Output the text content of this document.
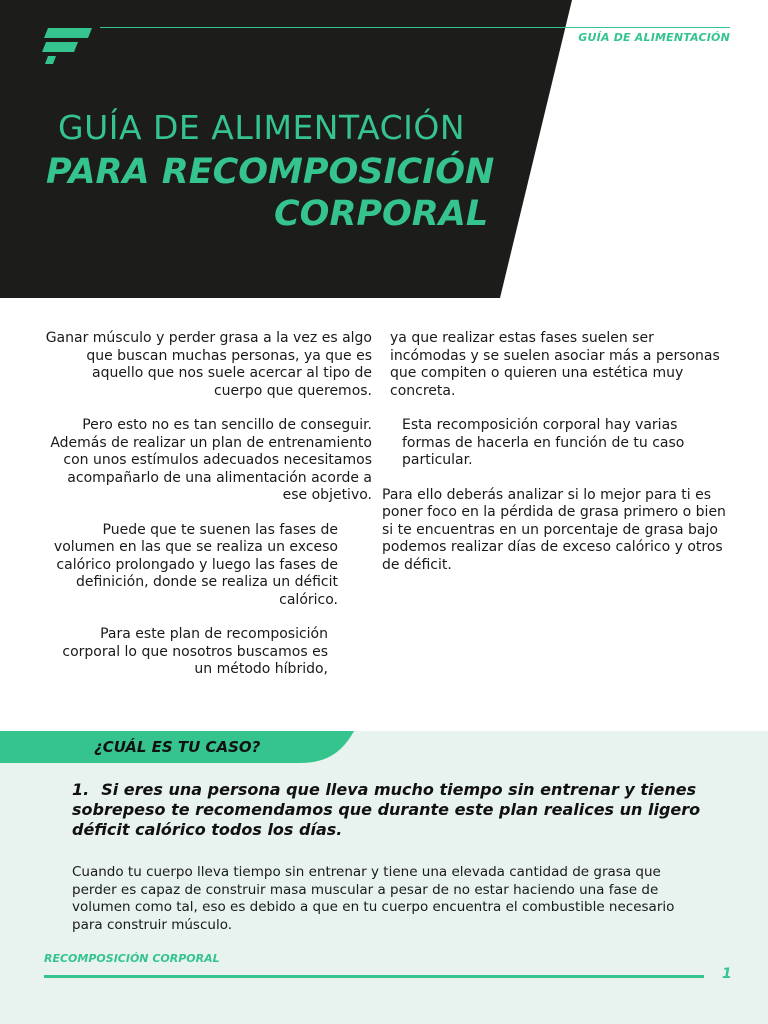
GUÍA DE ALIMENTACIÓN
GUÍA DE ALIMENTACIÓN
PARA RECOMPOSICIÓN
CORPORAL

Ganar músculo y perder grasa a la vez es algo que buscan muchas personas, ya que es aquello que nos suele acercar al tipo de cuerpo que queremos.

Pero esto no es tan sencillo de conseguir. Además de realizar un plan de entrenamiento con unos estímulos adecuados necesitamos acompañarlo de una alimentación acorde a ese objetivo.

Puede que te suenen las fases de volumen en las que se realiza un exceso calórico prolongado y luego las fases de definición, donde se realiza un déficit calórico.

Para este plan de recomposición corporal lo que nosotros buscamos es un método híbrido,

ya que realizar estas fases suelen ser incómodas y se suelen asociar más a personas que compiten o quieren una estética muy concreta.

Esta recomposición corporal hay varias formas de hacerla en función de tu caso particular.

Para ello deberás analizar si lo mejor para ti es poner foco en la pérdida de grasa primero o bien si te encuentras en un porcentaje de grasa bajo podemos realizar días de exceso calórico y otros de déficit.

¿CUÁL ES TU CASO?
1. Si eres una persona que lleva mucho tiempo sin entrenar y tienes sobrepeso te recomendamos que durante este plan realices un ligero déficit calórico todos los días.
Cuando tu cuerpo lleva tiempo sin entrenar y tiene una elevada cantidad de grasa que perder es capaz de construir masa muscular a pesar de no estar haciendo una fase de volumen como tal, eso es debido a que en tu cuerpo encuentra el combustible necesario para construir músculo.
RECOMPOSICIÓN CORPORAL
1
